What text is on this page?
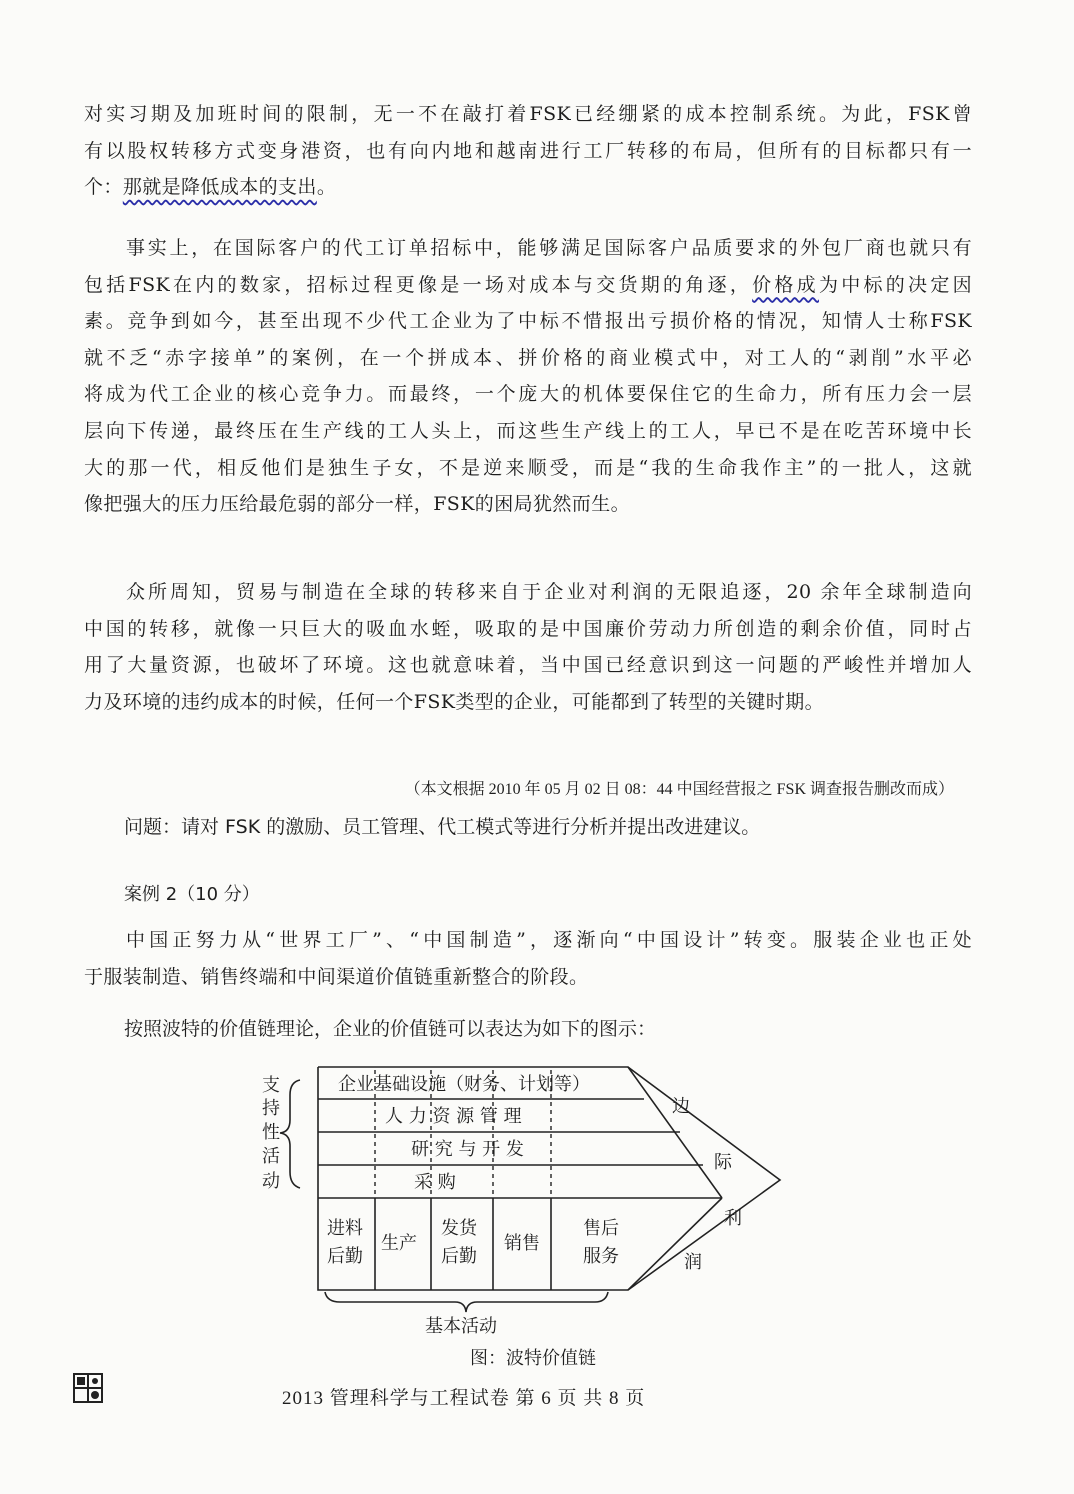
对实习期及加班时间的限制，无一不在敲打着FSK已经绷紧的成本控制系统。为此，FSK曾
有以股权转移方式变身港资，也有向内地和越南进行工厂转移的布局，但所有的目标都只有一
个：那就是降低成本的支出。

事实上，在国际客户的代工订单招标中，能够满足国际客户品质要求的外包厂商也就只有
包括FSK在内的数家，招标过程更像是一场对成本与交货期的角逐，价格成为中标的决定因
素。竞争到如今，甚至出现不少代工企业为了中标不惜报出亏损价格的情况，知情人士称FSK
就不乏“赤字接单”的案例，在一个拼成本、拼价格的商业模式中，对工人的“剥削”水平必
将成为代工企业的核心竞争力。而最终，一个庞大的机体要保住它的生命力，所有压力会一层
层向下传递，最终压在生产线的工人头上，而这些生产线上的工人，早已不是在吃苦环境中长
大的那一代，相反他们是独生子女，不是逆来顺受，而是“我的生命我作主”的一批人，这就
像把强大的压力压给最危弱的部分一样，FSK的困局犹然而生。

众所周知，贸易与制造在全球的转移来自于企业对利润的无限追逐，20 余年全球制造向
中国的转移，就像一只巨大的吸血水蛭，吸取的是中国廉价劳动力所创造的剩余价值，同时占
用了大量资源，也破坏了环境。这也就意味着，当中国已经意识到这一问题的严峻性并增加人
力及环境的违约成本的时候，任何一个FSK类型的企业，可能都到了转型的关键时期。

（本文根据 2010 年 05 月 02 日 08：44 中国经营报之 FSK 调查报告删改而成）
问题：请对 FSK 的激励、员工管理、代工模式等进行分析并提出改进建议。
案例 2（10 分）

中国正努力从“世界工厂”、“中国制造”，逐渐向“中国设计”转变。服装企业也正处
于服装制造、销售终端和中间渠道价值链重新整合的阶段。

按照波特的价值链理论，企业的价值链可以表达为如下的图示：
支
持
性
活
动
企业基础设施（财务、计划等）
人 力 资 源 管 理
研 究 与 开 发
采 购
进料
后勤
生产
发货
后勤
销售
售后
服务
边
际
利
润
基本活动
图：波特价值链
2013 管理科学与工程试卷 第 6 页 共 8 页
